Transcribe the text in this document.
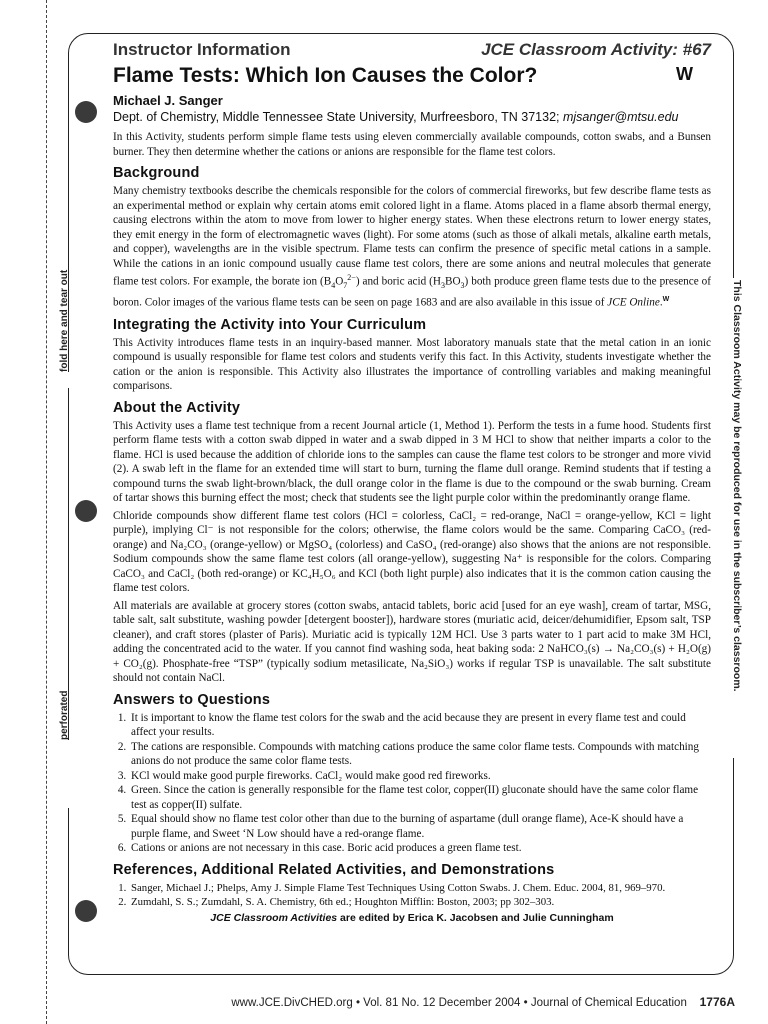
fold here and tear out
perforated
This Classroom Activity may be reproduced for use in the subscriber’s classroom.
Instructor Information	JCE Classroom Activity: #67
Flame Tests: Which Ion Causes the Color?	W
Michael J. Sanger
Dept. of Chemistry, Middle Tennessee State University, Murfreesboro, TN 37132; mjsanger@mtsu.edu

In this Activity, students perform simple flame tests using eleven commercially available compounds, cotton swabs, and a Bunsen burner. They then determine whether the cations or anions are responsible for the flame test colors.

Background

Many chemistry textbooks describe the chemicals responsible for the colors of commercial fireworks, but few describe flame tests as an experimental method or explain why certain atoms emit colored light in a flame. Atoms placed in a flame absorb thermal energy, causing electrons within the atom to move from lower to higher energy states. When these electrons return to lower energy states, they emit energy in the form of electromagnetic waves (light). For some atoms (such as those of alkali metals, alkaline earth metals, and copper), wavelengths are in the visible spectrum. Flame tests can confirm the presence of specific metal cations in a sample. While the cations in an ionic compound usually cause flame test colors, there are some anions and neutral molecules that generate flame test colors. For example, the borate ion $(B_4O_7^{2-})$ and boric acid $(H_3BO_3)$ both produce green flame tests due to the presence of boron. Color images of the various flame tests can be seen on page 1683 and are also available in this issue of JCE Online.$^W$

Integrating the Activity into Your Curriculum

This Activity introduces flame tests in an inquiry-based manner. Most laboratory manuals state that the metal cation in an ionic compound is usually responsible for flame test colors and students verify this fact. In this Activity, students investigate whether the cation or the anion is responsible. This Activity also illustrates the importance of controlling variables and making meaningful comparisons.

About the Activity

This Activity uses a flame test technique from a recent Journal article (1, Method 1). Perform the tests in a fume hood. Students first perform flame tests with a cotton swab dipped in water and a swab dipped in 3 M HCl to show that neither imparts a color to the flame. HCl is used because the addition of chloride ions to the samples can cause the flame test colors to be stronger and more vivid (2). A swab left in the flame for an extended time will start to burn, turning the flame dull orange. Remind students that if testing a compound turns the swab light-brown/black, the dull orange color in the flame is due to the compound or the swab burning. Cream of tartar shows this burning effect the most; check that students see the light purple color within the predominantly orange flame.

Chloride compounds show different flame test colors (HCl = colorless, CaCl₂ = red-orange, NaCl = orange-yellow, KCl = light purple), implying Cl⁻ is not responsible for the colors; otherwise, the flame colors would be the same. Comparing CaCO₃ (red-orange) and Na₂CO₃ (orange-yellow) or MgSO₄ (colorless) and CaSO₄ (red-orange) also shows that the anions are not responsible. Sodium compounds show the same flame test colors (all orange-yellow), suggesting Na⁺ is responsible for the colors. Comparing CaCO₃ and CaCl₂ (both red-orange) or KC₄H₅O₆ and KCl (both light purple) also indicates that it is the common cation causing the flame test colors.

All materials are available at grocery stores (cotton swabs, antacid tablets, boric acid [used for an eye wash], cream of tartar, MSG, table salt, salt substitute, washing powder [detergent booster]), hardware stores (muriatic acid, deicer/dehumidifier, Epsom salt, TSP cleaner), and craft stores (plaster of Paris). Muriatic acid is typically 12M HCl. Use 3 parts water to 1 part acid to make 3M HCl, adding the concentrated acid to the water. If you cannot find washing soda, heat baking soda: 2 NaHCO₃(s) → Na₂CO₃(s) + H₂O(g) + CO₂(g). Phosphate-free “TSP” (typically sodium metasilicate, Na₂SiO₃) works if regular TSP is unavailable. The salt substitute should not contain NaCl.

Answers to Questions
1. It is important to know the flame test colors for the swab and the acid because they are present in every flame test and could affect your results.
2. The cations are responsible. Compounds with matching cations produce the same color flame tests. Compounds with matching anions do not produce the same color flame tests.
3. KCl would make good purple fireworks. CaCl₂ would make good red fireworks.
4. Green. Since the cation is generally responsible for the flame test color, copper(II) gluconate should have the same color flame test as copper(II) sulfate.
5. Equal should show no flame test color other than due to the burning of aspartame (dull orange flame), Ace-K should have a purple flame, and Sweet ‘N Low should have a red-orange flame.
6. Cations or anions are not necessary in this case. Boric acid produces a green flame test.
References, Additional Related Activities, and Demonstrations
1. Sanger, Michael J.; Phelps, Amy J. Simple Flame Test Techniques Using Cotton Swabs. J. Chem. Educ. 2004, 81, 969–970.
2. Zumdahl, S. S.; Zumdahl, S. A. Chemistry, 6th ed.; Houghton Mifflin: Boston, 2003; pp 302–303.
JCE Classroom Activities are edited by Erica K. Jacobsen and Julie Cunningham
www.JCE.DivCHED.org • Vol. 81 No. 12 December 2004 • Journal of Chemical Education 1776A
